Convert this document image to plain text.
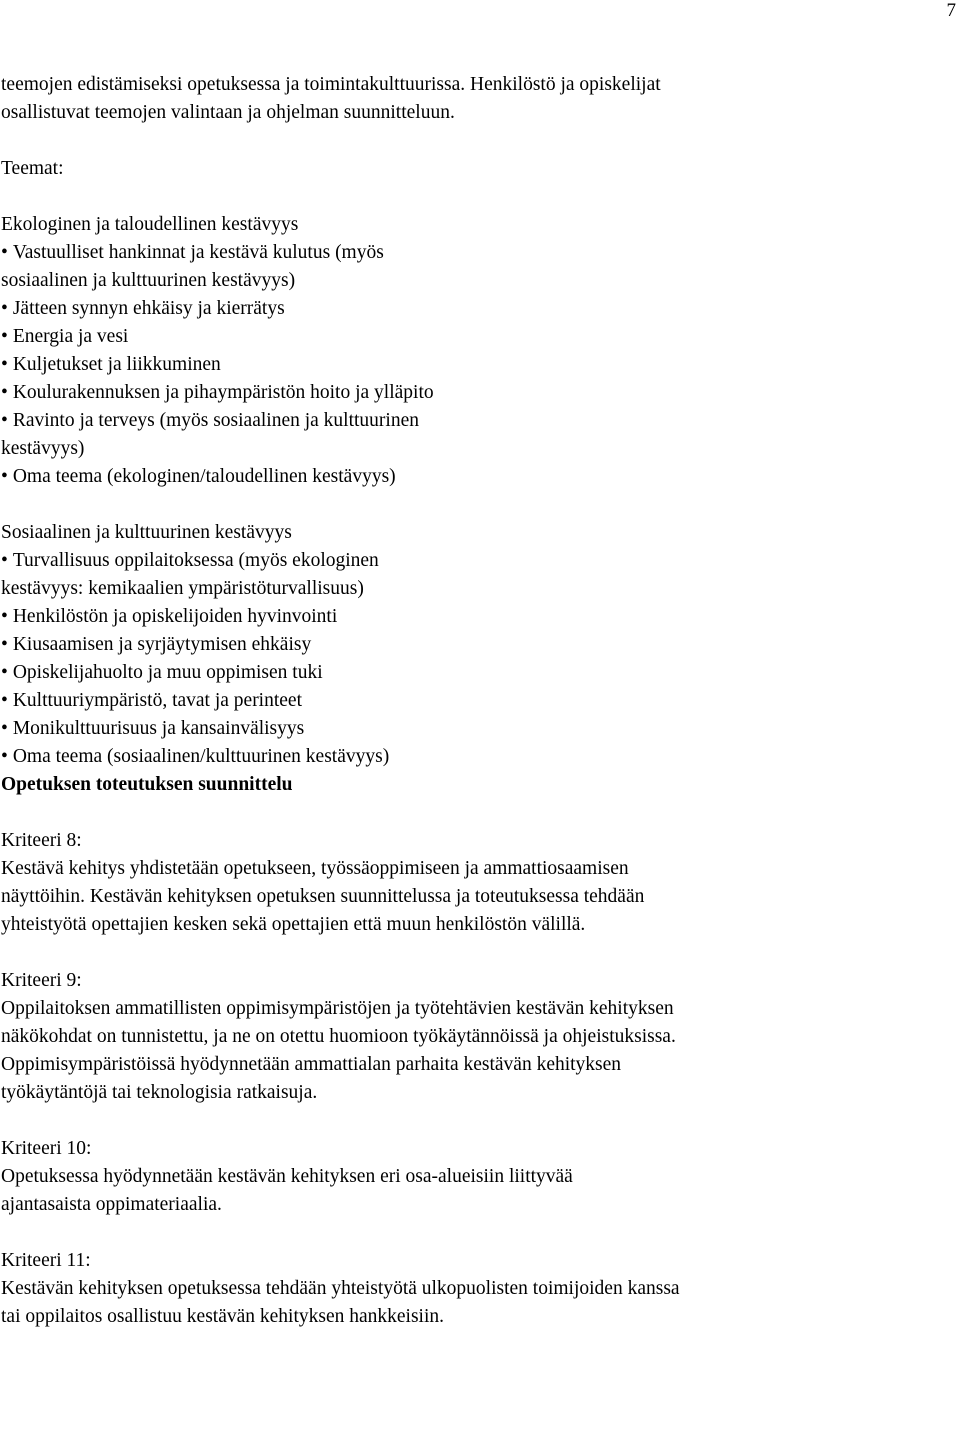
7

teemojen edistämiseksi opetuksessa ja toimintakulttuurissa. Henkilöstö ja opiskelijat
osallistuvat teemojen valintaan ja ohjelman suunnitteluun.

Teemat:

Ekologinen ja taloudellinen kestävyys

• Vastuulliset hankinnat ja kestävä kulutus (myös
sosiaalinen ja kulttuurinen kestävyys)
• Jätteen synnyn ehkäisy ja kierrätys
• Energia ja vesi
• Kuljetukset ja liikkuminen
• Koulurakennuksen ja pihaympäristön hoito ja ylläpito
• Ravinto ja terveys (myös sosiaalinen ja kulttuurinen
kestävyys)
• Oma teema (ekologinen/taloudellinen kestävyys)

Sosiaalinen ja kulttuurinen kestävyys

• Turvallisuus oppilaitoksessa (myös ekologinen
kestävyys: kemikaalien ympäristöturvallisuus)
• Henkilöstön ja opiskelijoiden hyvinvointi
• Kiusaamisen ja syrjäytymisen ehkäisy
• Opiskelijahuolto ja muu oppimisen tuki
• Kulttuuriympäristö, tavat ja perinteet
• Monikulttuurisuus ja kansainvälisyys
• Oma teema (sosiaalinen/kulttuurinen kestävyys)

Opetuksen toteutuksen suunnittelu

Kriteeri 8:
Kestävä kehitys yhdistetään opetukseen, työssäoppimiseen ja ammattiosaamisen
näyttöihin. Kestävän kehityksen opetuksen suunnittelussa ja toteutuksessa tehdään
yhteistyötä opettajien kesken sekä opettajien että muun henkilöstön välillä.
Kriteeri 9:
Oppilaitoksen ammatillisten oppimisympäristöjen ja työtehtävien kestävän kehityksen
näkökohdat on tunnistettu, ja ne on otettu huomioon työkäytännöissä ja ohjeistuksissa.
Oppimisympäristöissä hyödynnetään ammattialan parhaita kestävän kehityksen
työkäytäntöjä tai teknologisia ratkaisuja.
Kriteeri 10:
Opetuksessa hyödynnetään kestävän kehityksen eri osa-alueisiin liittyvää
ajantasaista oppimateriaalia.
Kriteeri 11:
Kestävän kehityksen opetuksessa tehdään yhteistyötä ulkopuolisten toimijoiden kanssa
tai oppilaitos osallistuu kestävän kehityksen hankkeisiin.
